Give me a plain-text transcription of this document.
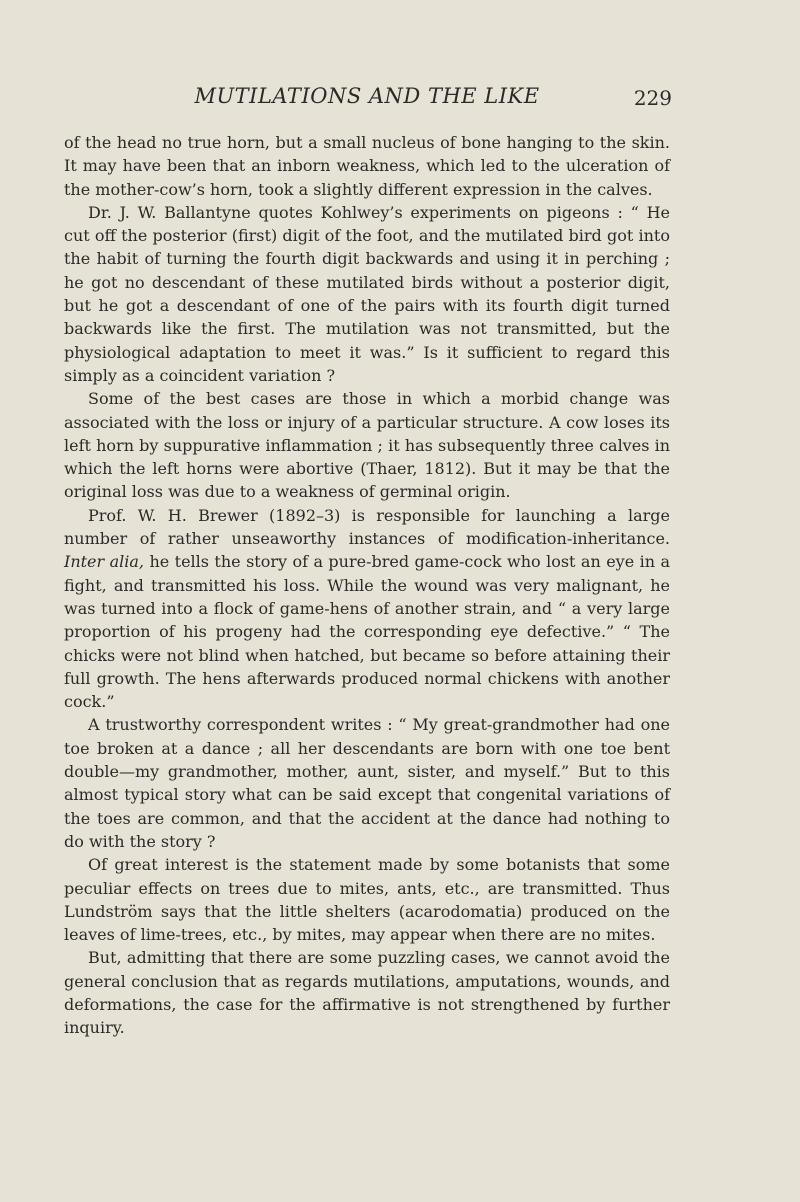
MUTILATIONS AND THE LIKE	229

of the head no true horn, but a small nucleus of bone hanging to the skin. It may have been that an inborn weakness, which led to the ulceration of the mother-cow’s horn, took a slightly different expression in the calves.

Dr. J. W. Ballantyne quotes Kohlwey’s experiments on pigeons : “ He cut off the posterior (first) digit of the foot, and the mutilated bird got into the habit of turning the fourth digit backwards and using it in perching ; he got no descendant of these mutilated birds without a posterior digit, but he got a descendant of one of the pairs with its fourth digit turned backwards like the first. The mutilation was not transmitted, but the physiological adaptation to meet it was.” Is it sufficient to regard this simply as a coincident variation ?

Some of the best cases are those in which a morbid change was associated with the loss or injury of a particular structure. A cow loses its left horn by suppurative inflammation ; it has subsequently three calves in which the left horns were abortive (Thaer, 1812). But it may be that the original loss was due to a weakness of germinal origin.

Prof. W. H. Brewer (1892–3) is responsible for launching a large number of rather unseaworthy instances of modification-inheritance. Inter alia, he tells the story of a pure-bred game-cock who lost an eye in a fight, and transmitted his loss. While the wound was very malignant, he was turned into a flock of game-hens of another strain, and “ a very large proportion of his progeny had the corresponding eye defective.” “ The chicks were not blind when hatched, but became so before attaining their full growth. The hens afterwards produced normal chickens with another cock.”

A trustworthy correspondent writes : “ My great-grandmother had one toe broken at a dance ; all her descendants are born with one toe bent double—my grandmother, mother, aunt, sister, and myself.” But to this almost typical story what can be said except that congenital variations of the toes are common, and that the accident at the dance had nothing to do with the story ?

Of great interest is the statement made by some botanists that some peculiar effects on trees due to mites, ants, etc., are transmitted. Thus Lundström says that the little shelters (acarodomatia) produced on the leaves of lime-trees, etc., by mites, may appear when there are no mites.

But, admitting that there are some puzzling cases, we cannot avoid the general conclusion that as regards mutilations, amputations, wounds, and deformations, the case for the affirmative is not strengthened by further inquiry.
